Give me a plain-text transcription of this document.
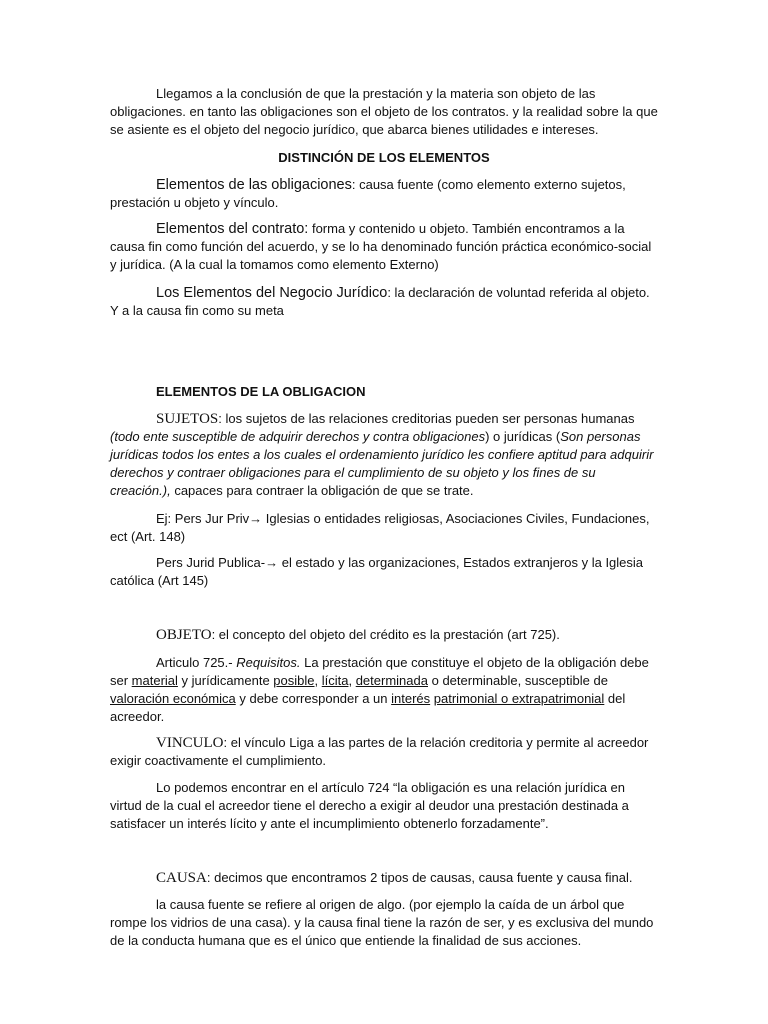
Llegamos a la conclusión de que la prestación y la materia son objeto de las obligaciones. en tanto las obligaciones son el objeto de los contratos. y la realidad sobre la que se asiente es el objeto del negocio jurídico, que abarca bienes utilidades e intereses.

DISTINCIÓN DE LOS ELEMENTOS

Elementos de las obligaciones: causa fuente (como elemento externo sujetos, prestación u objeto y vínculo.

Elementos del contrato: forma y contenido u objeto. También encontramos a la causa fin como función del acuerdo, y se lo ha denominado función práctica económico-social y jurídica. (A la cual la tomamos como elemento Externo)

Los Elementos del Negocio Jurídico: la declaración de voluntad referida al objeto. Y a la causa fin como su meta

ELEMENTOS DE LA OBLIGACION

SUJETOS: los sujetos de las relaciones creditorias pueden ser personas humanas (todo ente susceptible de adquirir derechos y contra obligaciones) o jurídicas (Son personas jurídicas todos los entes a los cuales el ordenamiento jurídico les confiere aptitud para adquirir derechos y contraer obligaciones para el cumplimiento de su objeto y los fines de su creación.), capaces para contraer la obligación de que se trate.

Ej: Pers Jur Priv→ Iglesias o entidades religiosas, Asociaciones Civiles, Fundaciones, ect (Art. 148)

Pers Jurid Publica-→ el estado y las organizaciones, Estados extranjeros y la Iglesia católica (Art 145)

OBJETO: el concepto del objeto del crédito es la prestación (art 725).

Articulo 725.- Requisitos. La prestación que constituye el objeto de la obligación debe ser material y jurídicamente posible, lícita, determinada o determinable, susceptible de valoración económica y debe corresponder a un interés patrimonial o extrapatrimonial del acreedor.

VINCULO: el vínculo Liga a las partes de la relación creditoria y permite al acreedor exigir coactivamente el cumplimiento.

Lo podemos encontrar en el artículo 724 “la obligación es una relación jurídica en virtud de la cual el acreedor tiene el derecho a exigir al deudor una prestación destinada a satisfacer un interés lícito y ante el incumplimiento obtenerlo forzadamente”.

CAUSA: decimos que encontramos 2 tipos de causas, causa fuente y causa final.

la causa fuente se refiere al origen de algo. (por ejemplo la caída de un árbol que rompe los vidrios de una casa). y la causa final tiene la razón de ser, y es exclusiva del mundo de la conducta humana que es el único que entiende la finalidad de sus acciones.
